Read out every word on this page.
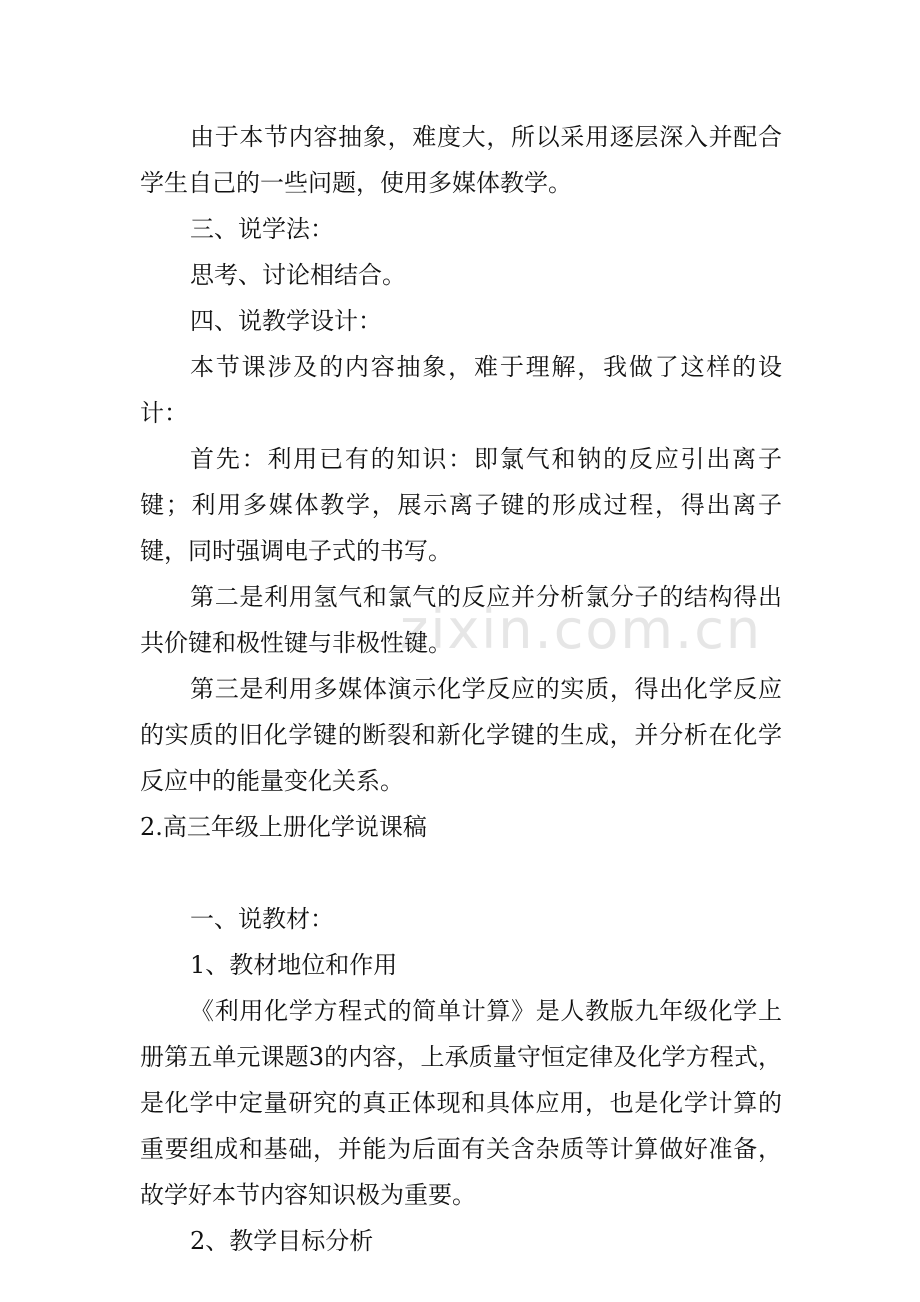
zixin.com.cn

由于本节内容抽象，难度大，所以采用逐层深入并配合学生自己的一些问题，使用多媒体教学。

三、说学法：

思考、讨论相结合。

四、说教学设计：

本节课涉及的内容抽象，难于理解，我做了这样的设计：

首先：利用已有的知识：即氯气和钠的反应引出离子键；利用多媒体教学，展示离子键的形成过程，得出离子键，同时强调电子式的书写。

第二是利用氢气和氯气的反应并分析氯分子的结构得出共价键和极性键与非极性键。

第三是利用多媒体演示化学反应的实质，得出化学反应的实质的旧化学键的断裂和新化学键的生成，并分析在化学反应中的能量变化关系。

2.高三年级上册化学说课稿

一、说教材：

1、教材地位和作用

《利用化学方程式的简单计算》是人教版九年级化学上册第五单元课题3的内容，上承质量守恒定律及化学方程式，是化学中定量研究的真正体现和具体应用，也是化学计算的重要组成和基础，并能为后面有关含杂质等计算做好准备，故学好本节内容知识极为重要。

2、教学目标分析
